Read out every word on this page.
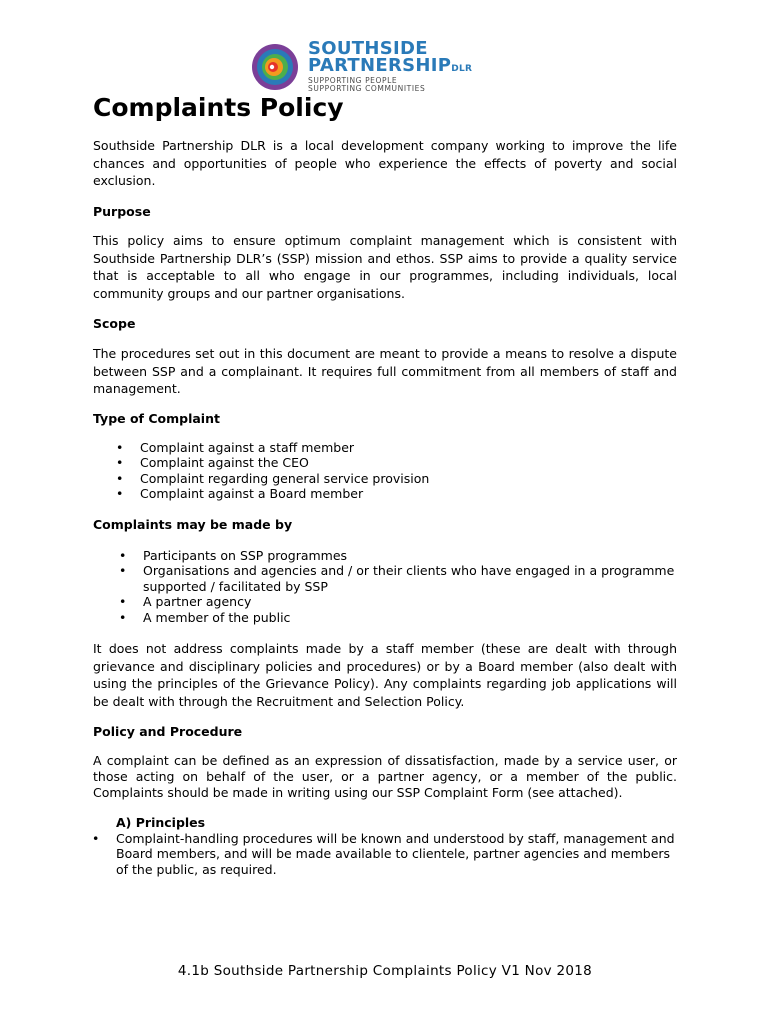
SOUTHSIDE
PARTNERSHIPDLR
SUPPORTING PEOPLE
SUPPORTING COMMUNITIES
Complaints Policy

Southside Partnership DLR is a local development company working to improve the life chances and opportunities of people who experience the effects of poverty and social exclusion.

Purpose

This policy aims to ensure optimum complaint management which is consistent with Southside Partnership DLR’s (SSP) mission and ethos. SSP aims to provide a quality service that is acceptable to all who engage in our programmes, including individuals, local community groups and our partner organisations.

Scope

The procedures set out in this document are meant to provide a means to resolve a dispute between SSP and a complainant. It requires full commitment from all members of staff and management.

Type of Complaint
• Complaint against a staff member
• Complaint against the CEO
• Complaint regarding general service provision
• Complaint against a Board member
Complaints may be made by
• Participants on SSP programmes
• Organisations and agencies and / or their clients who have engaged in a programme supported / facilitated by SSP
• A partner agency
• A member of the public

It does not address complaints made by a staff member (these are dealt with through grievance and disciplinary policies and procedures) or by a Board member (also dealt with using the principles of the Grievance Policy). Any complaints regarding job applications will be dealt with through the Recruitment and Selection Policy.

Policy and Procedure

A complaint can be defined as an expression of dissatisfaction, made by a service user, or those acting on behalf of the user, or a partner agency, or a member of the public. Complaints should be made in writing using our SSP Complaint Form (see attached).

A) Principles
• Complaint-handling procedures will be known and understood by staff, management and Board members, and will be made available to clientele, partner agencies and members of the public, as required.
4.1b Southside Partnership Complaints Policy V1 Nov 2018
